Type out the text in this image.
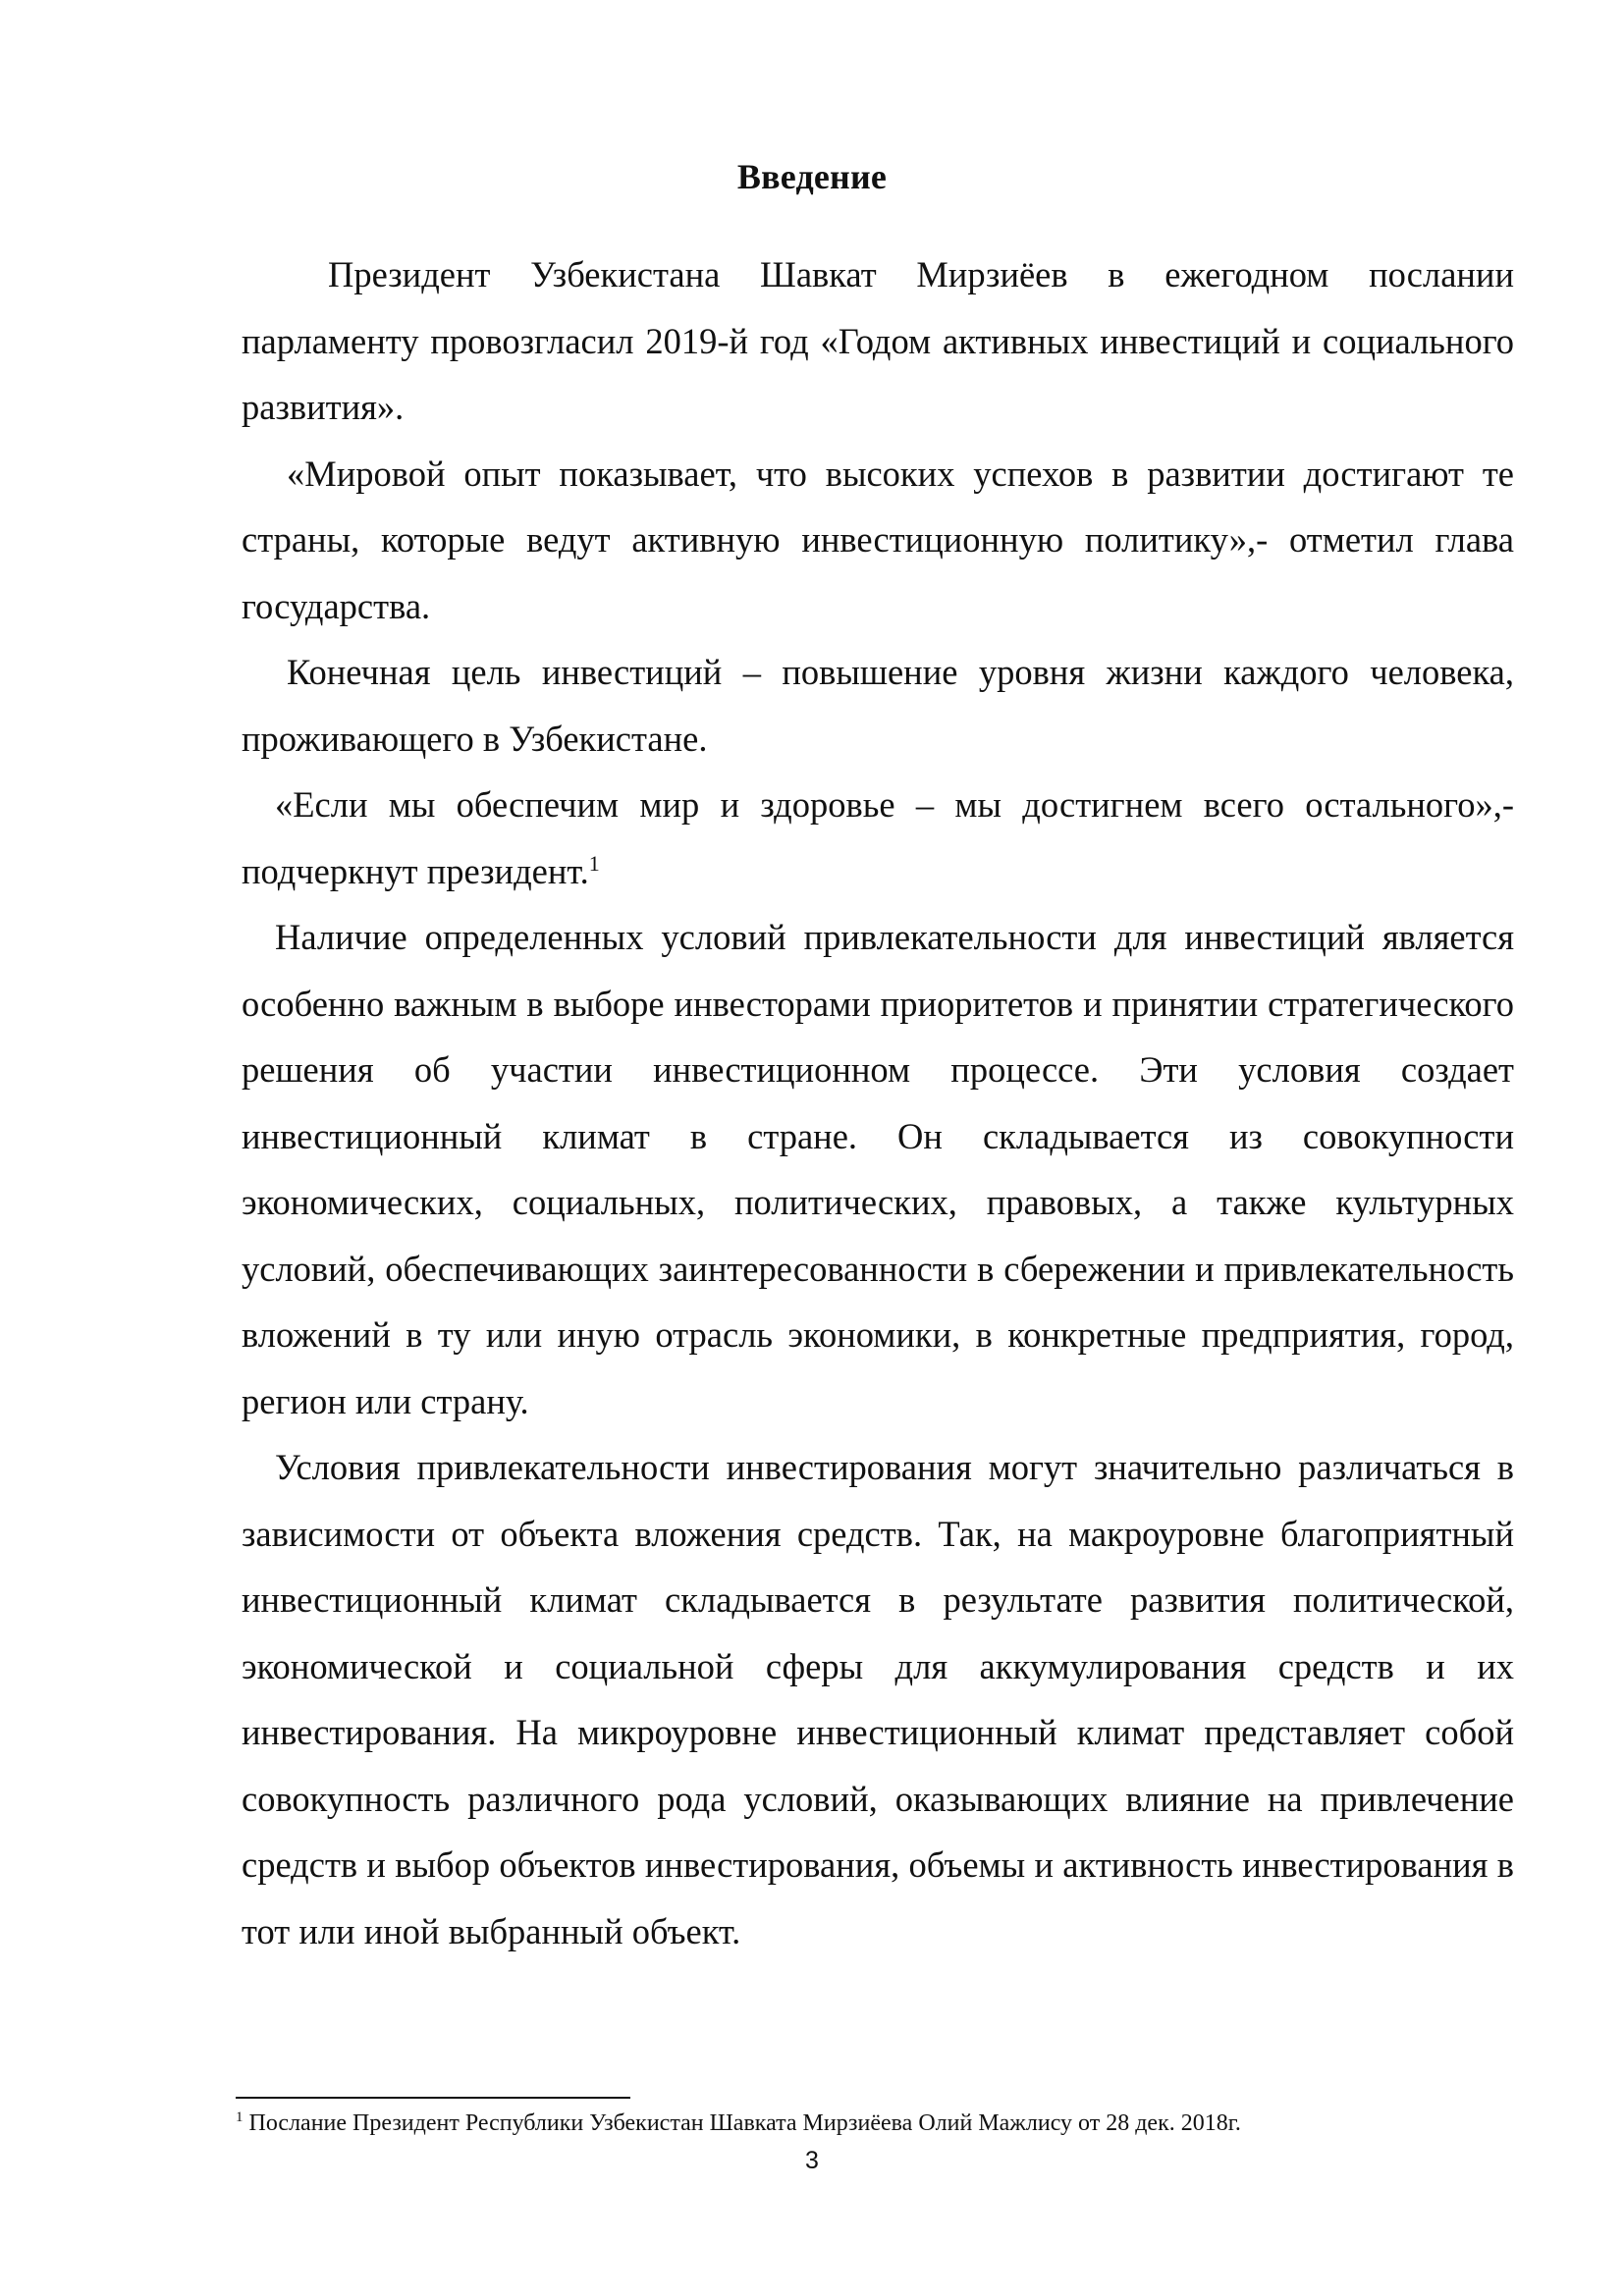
Введение

Президент Узбекистана Шавкат Мирзиёев в ежегодном послании парламенту провозгласил 2019-й год «Годом активных инвестиций и социального развития».

«Мировой опыт показывает, что высоких успехов в развитии достигают те страны, которые ведут активную инвестиционную политику»,- отметил глава государства.

Конечная цель инвестиций – повышение уровня жизни каждого человека, проживающего в Узбекистане.

«Если мы обеспечим мир и здоровье – мы достигнем всего остального»,- подчеркнут президент.$^1$

Наличие определенных условий привлекательности для инвестиций является особенно важным в выборе инвесторами приоритетов и принятии стратегического решения об участии инвестиционном процессе. Эти условия создает инвестиционный климат в стране. Он складывается из совокупности экономических, социальных, политических, правовых, а также культурных условий, обеспечивающих заинтересованности в сбережении и привлекательность вложений в ту или иную отрасль экономики, в конкретные предприятия, город, регион или страну.

Условия привлекательности инвестирования могут значительно различаться в зависимости от объекта вложения средств. Так, на макроуровне благоприятный инвестиционный климат складывается в результате развития политической, экономической и социальной сферы для аккумулирования средств и их инвестирования. На микроуровне инвестиционный климат представляет собой совокупность различного рода условий, оказывающих влияние на привлечение средств и выбор объектов инвестирования, объемы и активность инвестирования в тот или иной выбранный объект.

$^1$ Послание Президент Республики Узбекистан Шавката Мирзиёева Олий Мажлису от 28 дек. 2018г.
3
